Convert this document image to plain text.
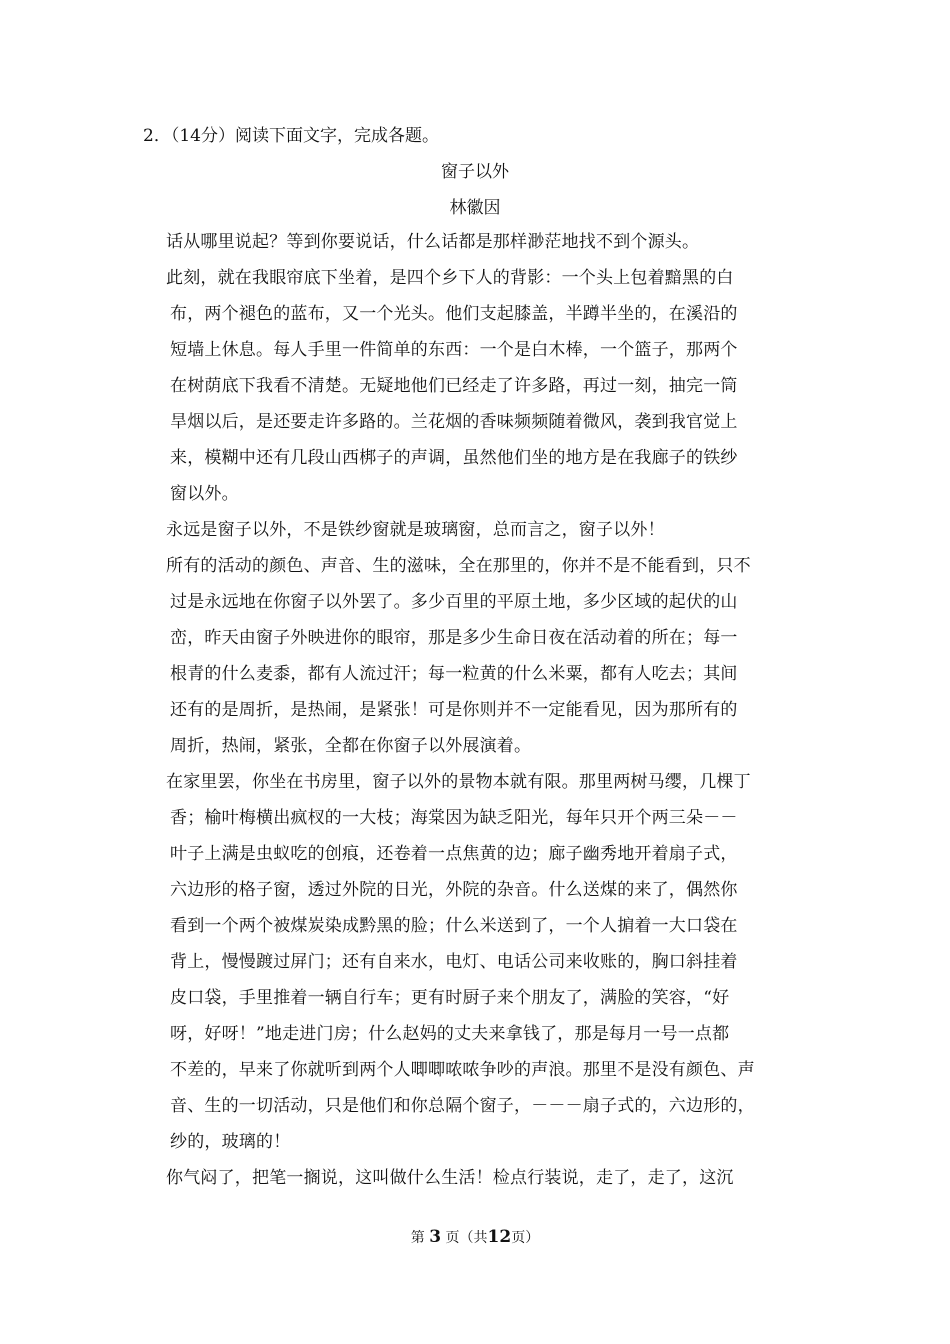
2．（14分）阅读下面文字，完成各题。
窗子以外
林徽因
话从哪里说起？等到你要说话，什么话都是那样渺茫地找不到个源头。
此刻，就在我眼帘底下坐着，是四个乡下人的背影：一个头上包着黯黑的白
布，两个褪色的蓝布，又一个光头。他们支起膝盖，半蹲半坐的，在溪沿的
短墙上休息。每人手里一件简单的东西：一个是白木棒，一个篮子，那两个
在树荫底下我看不清楚。无疑地他们已经走了许多路，再过一刻，抽完一筒
旱烟以后，是还要走许多路的。兰花烟的香味频频随着微风，袭到我官觉上
来，模糊中还有几段山西梆子的声调，虽然他们坐的地方是在我廊子的铁纱
窗以外。
永远是窗子以外，不是铁纱窗就是玻璃窗，总而言之，窗子以外！
所有的活动的颜色、声音、生的滋味，全在那里的，你并不是不能看到，只不
过是永远地在你窗子以外罢了。多少百里的平原土地，多少区域的起伏的山
峦，昨天由窗子外映进你的眼帘，那是多少生命日夜在活动着的所在；每一
根青的什么麦黍，都有人流过汗；每一粒黄的什么米粟，都有人吃去；其间
还有的是周折，是热闹，是紧张！可是你则并不一定能看见，因为那所有的
周折，热闹，紧张，全都在你窗子以外展演着。
在家里罢，你坐在书房里，窗子以外的景物本就有限。那里两树马缨，几棵丁
香；榆叶梅横出疯杈的一大枝；海棠因为缺乏阳光，每年只开个两三朵－－
叶子上满是虫蚁吃的创痕，还卷着一点焦黄的边；廊子幽秀地开着扇子式，
六边形的格子窗，透过外院的日光，外院的杂音。什么送煤的来了，偶然你
看到一个两个被煤炭染成黔黑的脸；什么米送到了，一个人掮着一大口袋在
背上，慢慢踱过屏门；还有自来水，电灯、电话公司来收账的，胸口斜挂着
皮口袋，手里推着一辆自行车；更有时厨子来个朋友了，满脸的笑容，“好
呀，好呀！”地走进门房；什么赵妈的丈夫来拿钱了，那是每月一号一点都
不差的，早来了你就听到两个人唧唧哝哝争吵的声浪。那里不是没有颜色、声
音、生的一切活动，只是他们和你总隔个窗子，－－－扇子式的，六边形的，
纱的，玻璃的！
你气闷了，把笔一搁说，这叫做什么生活！检点行装说，走了，走了，这沉
第 3 页（共12页）
